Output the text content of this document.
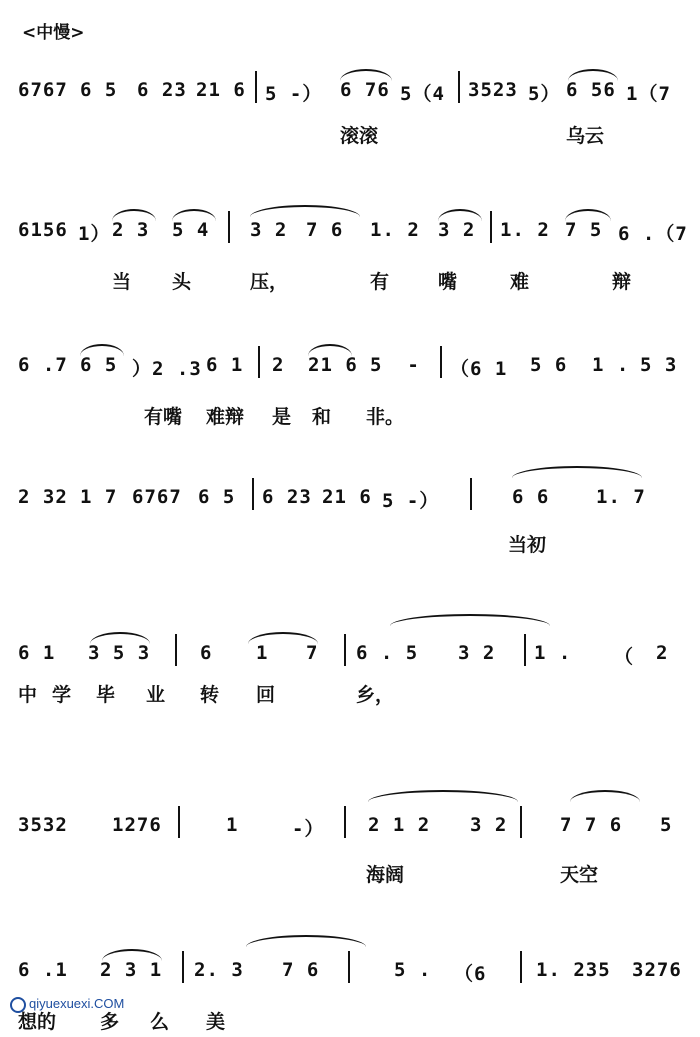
<中慢>
6767 6 5 6 23 21 6 5 -） 6 76 5（4 3523 5） 6 56 1（7
滚滚	乌云
6156 1） 2 3 5 4 3 2 7 6 1. 2 3 2 1. 2 7 5 6 .（7
当 头	压，	有	嘴	难	辩
6 .7 6 5 ）2 .3 6 1 2 21 6 5  - （6 1 5 6 1 . 5 3
有嘴 难辩 是 和 非。
2 32 1 7 6767 6 5 6 23 21 6 5 -）	6 6 1. 7
当初
6 1 3 5 3	6 1 7 6 . 5 3 2 1 . （ 2
中 学 毕 业 转 回	乡，
3532 1276	1	-） 2 1 2 3 2	7 7 6 5
海阔	天空
6 .1 2 3 1 2. 3 7 6	5 . （6	1. 235 3276
想的 多 么 美
qiyuexuexi.COM
